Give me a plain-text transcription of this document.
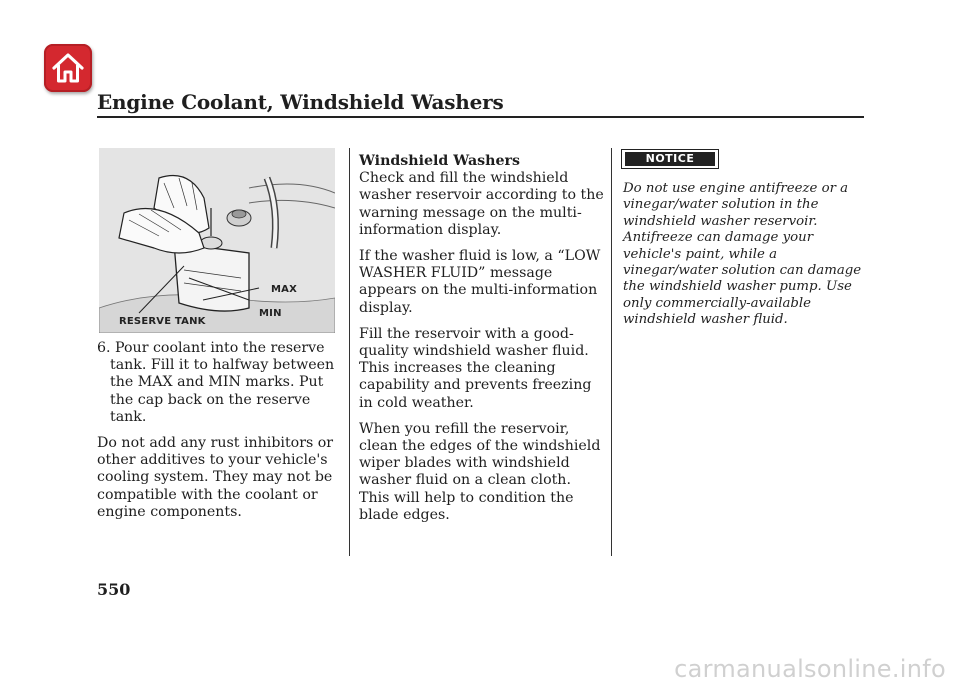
Engine Coolant, Windshield Washers
MAX
MIN
RESERVE TANK

6. Pour coolant into the reserve tank. Fill it to halfway between the MAX and MIN marks. Put the cap back on the reserve tank.

Do not add any rust inhibitors or other additives to your vehicle's cooling system. They may not be compatible with the coolant or engine components.

Windshield Washers

Check and fill the windshield washer reservoir according to the warning message on the multi-information display.

If the washer fluid is low, a “LOW WASHER FLUID” message appears on the multi-information display.

Fill the reservoir with a good-quality windshield washer fluid. This increases the cleaning capability and prevents freezing in cold weather.

When you refill the reservoir, clean the edges of the windshield wiper blades with windshield washer fluid on a clean cloth. This will help to condition the blade edges.

NOTICE
Do not use engine antifreeze or a vinegar/water solution in the windshield washer reservoir. Antifreeze can damage your vehicle's paint, while a vinegar/water solution can damage the windshield washer pump. Use only commercially-available windshield washer fluid.
550
carmanualsonline.info
